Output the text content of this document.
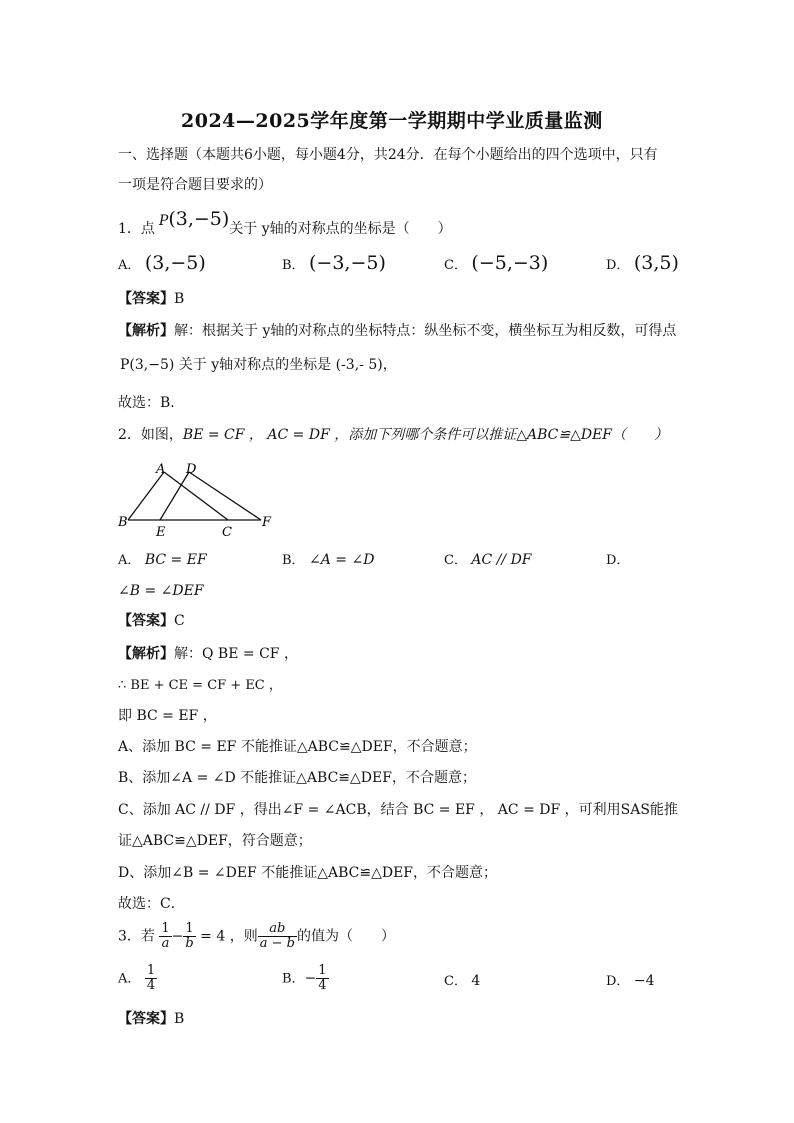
2024—2025学年度第一学期期中学业质量监测
一、选择题（本题共6小题，每小题4分，共24分．在每个小题给出的四个选项中，只有
一项是符合题目要求的）
1．点 P(3,−5)关于 y轴的对称点的坐标是（　　）
A． (3,−5)	B． (−3,−5)	C． (−5,−3)	D． (3,5)
【答案】B
【解析】解：根据关于 y轴的对称点的坐标特点：纵坐标不变，横坐标互为相反数，可得点
P(3,−5) 关于 y轴对称点的坐标是 (-3,- 5)，
故选：B．
2．如图，BE = CF ， AC = DF ，添加下列哪个条件可以推证△ABC≌△DEF（　　）
A D
B
E	C
F
A． BC = EF	B． ∠A = ∠D	C． AC // DF	D．
∠B = ∠DEF
【答案】C
【解析】解：Q BE = CF ，
∴ BE + CE = CF + EC ，
即 BC = EF ，
A、添加 BC = EF 不能推证△ABC≌△DEF，不合题意；
B、添加∠A = ∠D 不能推证△ABC≌△DEF，不合题意；
C、添加 AC // DF ，得出∠F = ∠ACB，结合 BC = EF ， AC = DF ，可利用SAS能推
证△ABC≌△DEF，符合题意；
D、添加∠B = ∠DEF 不能推证△ABC≌△DEF，不合题意；
故选：C．
3．若 $\frac{1}{a} - \frac{1}{b} = 4$ ，则 $\frac{ab}{a - b}$ 的值为（　　）
A． $\frac{1}{4}$	B．− $\frac{1}{4}$	C． 4	D． −4
【答案】B
